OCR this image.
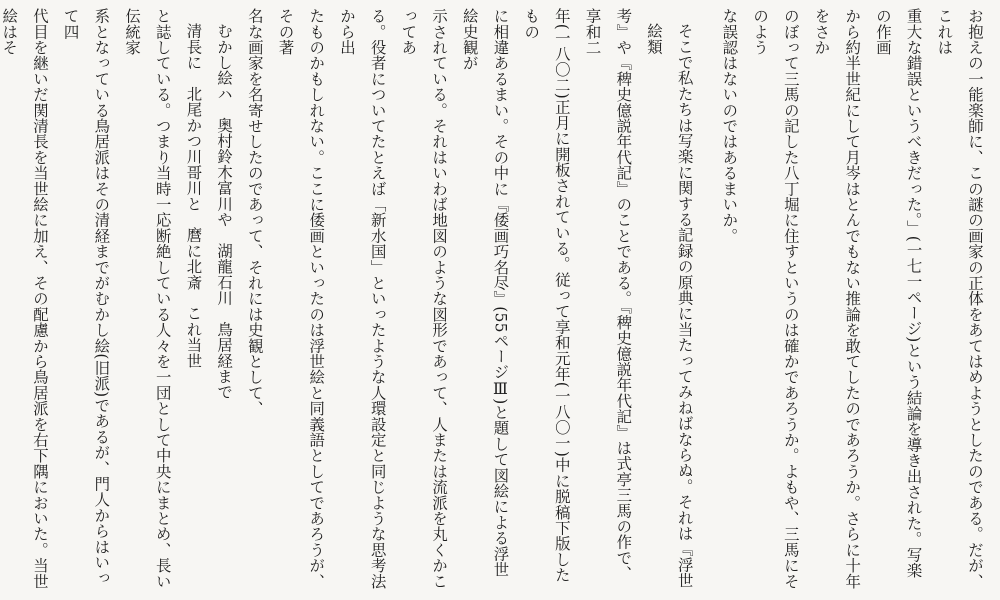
お抱えの一能楽師に、この謎の画家の正体をあてはめようとしたのである。だが、これは

重大な錯誤というべきだった。」(一七一ページ)という結論を導き出された。写楽の作画

から約半世紀にして月岑はとんでもない推論を敢てしたのであろうか。さらに十年をさか

のぼって三馬の記した八丁堀に住すというのは確かであろうか。よもや、三馬にそのよう

な誤認はないのではあるまいか。

そこで私たちは写楽に関する記録の原典に当たってみねばならぬ。それは『浮世絵類

考』や『稗史億説年代記』のことである。『稗史億説年代記』は式亭三馬の作で、享和二

年(一八〇二)正月に開板されている。従って享和元年(一八〇一)中に脱稿下版したもの

に相違あるまい。その中に『倭画巧名尽』(55ページⅢ)と題して図絵による浮世絵史観が

示されている。それはいわば地図のような図形であって、人または流派を丸くかこってあ

る。役者についてたとえば「新水国」といったような人環設定と同じような思考法から出

たものかもしれない。ここに倭画といったのは浮世絵と同義語としてであろうが、その著

名な画家を名寄せしたのであって、それには史観として、

むかし絵ハ　奥村鈴木富川や　湖龍石川　鳥居経まで

清長に　北尾かつ川哥川と　麿に北斎　これ当世

と誌している。つまり当時一応断絶している人々を一団として中央にまとめ、長い伝統家

系となっている鳥居派はその清経までがむかし絵(旧派)であるが、門人からはいって四

代目を継いだ関清長を当世絵に加え、その配慮から鳥居派を右下隅においた。当世絵はそ
